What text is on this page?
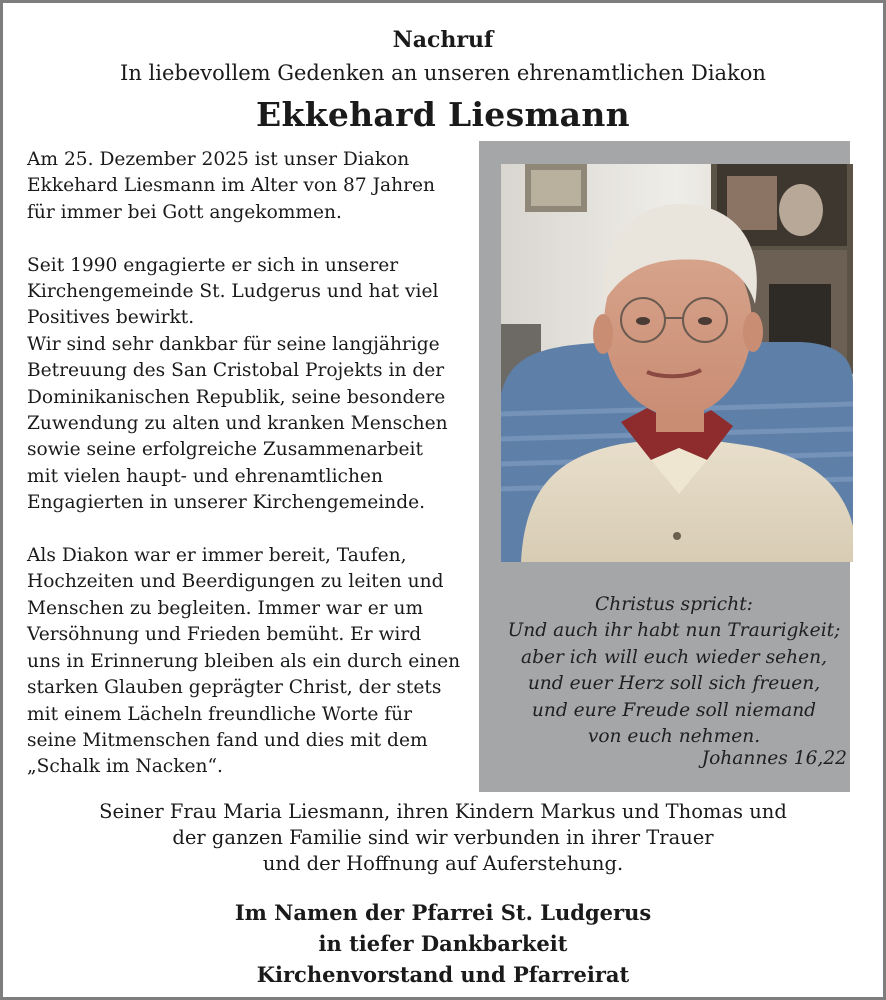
Nachruf
In liebevollem Gedenken an unseren ehrenamtlichen Diakon
Ekkehard Liesmann

Am 25. Dezember 2025 ist unser Diakon
Ekkehard Liesmann im Alter von 87 Jahren
für immer bei Gott angekommen.

Seit 1990 engagierte er sich in unserer
Kirchengemeinde St. Ludgerus und hat viel
Positives bewirkt.

Wir sind sehr dankbar für seine langjährige
Betreuung des San Cristobal Projekts in der
Dominikanischen Republik, seine besondere
Zuwendung zu alten und kranken Menschen
sowie seine erfolgreiche Zusammenarbeit
mit vielen haupt- und ehrenamtlichen
Engagierten in unserer Kirchengemeinde.

Als Diakon war er immer bereit, Taufen,
Hochzeiten und Beerdigungen zu leiten und
Menschen zu begleiten. Immer war er um
Versöhnung und Frieden bemüht. Er wird
uns in Erinnerung bleiben als ein durch einen
starken Glauben geprägter Christ, der stets
mit einem Lächeln freundliche Worte für
seine Mitmenschen fand und dies mit dem
„Schalk im Nacken“.

Christus spricht:
Und auch ihr habt nun Traurigkeit;
aber ich will euch wieder sehen,
und euer Herz soll sich freuen,
und eure Freude soll niemand
von euch nehmen.
Johannes 16,22
Seiner Frau Maria Liesmann, ihren Kindern Markus und Thomas und
der ganzen Familie sind wir verbunden in ihrer Trauer
und der Hoffnung auf Auferstehung.
Im Namen der Pfarrei St. Ludgerus
in tiefer Dankbarkeit
Kirchenvorstand und Pfarreirat
